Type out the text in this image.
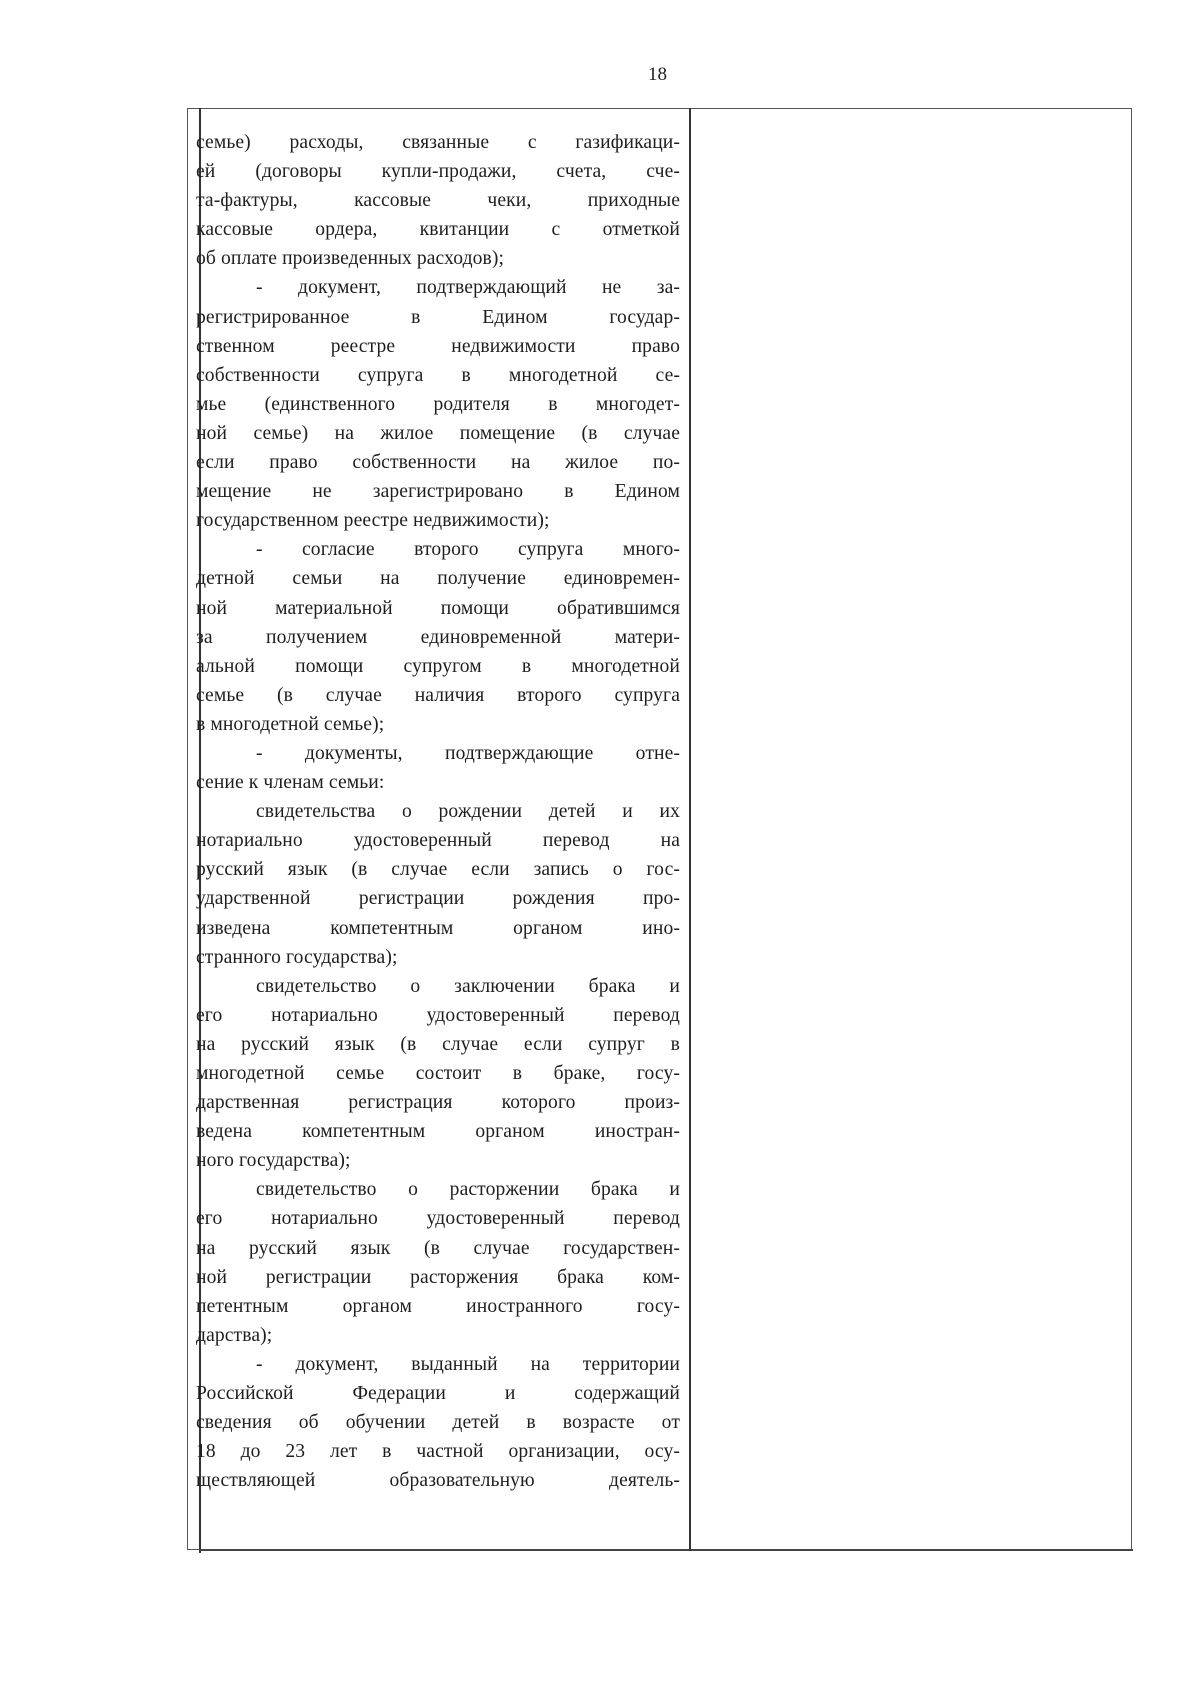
18
семье) расходы, связанные с газификаци-
ей (договоры купли-продажи, счета, сче-
та-фактуры, кассовые чеки, приходные
кассовые ордера, квитанции с отметкой
об оплате произведенных расходов);
- документ, подтверждающий не за-
регистрированное в Едином государ-
ственном реестре недвижимости право
собственности супруга в многодетной се-
мье (единственного родителя в многодет-
ной семье) на жилое помещение (в случае
если право собственности на жилое по-
мещение не зарегистрировано в Едином
государственном реестре недвижимости);
- согласие второго супруга много-
детной семьи на получение единовремен-
ной материальной помощи обратившимся
за получением единовременной матери-
альной помощи супругом в многодетной
семье (в случае наличия второго супруга
в многодетной семье);
- документы, подтверждающие отне-
сение к членам семьи:
свидетельства о рождении детей и их
нотариально удостоверенный перевод на
русский язык (в случае если запись о гос-
ударственной регистрации рождения про-
изведена компетентным органом ино-
странного государства);
свидетельство о заключении брака и
его нотариально удостоверенный перевод
на русский язык (в случае если супруг в
многодетной семье состоит в браке, госу-
дарственная регистрация которого произ-
ведена компетентным органом иностран-
ного государства);
свидетельство о расторжении брака и
его нотариально удостоверенный перевод
на русский язык (в случае государствен-
ной регистрации расторжения брака ком-
петентным органом иностранного госу-
дарства);
- документ, выданный на территории
Российской Федерации и содержащий
сведения об обучении детей в возрасте от
18 до 23 лет в частной организации, осу-
ществляющей образовательную деятель-
